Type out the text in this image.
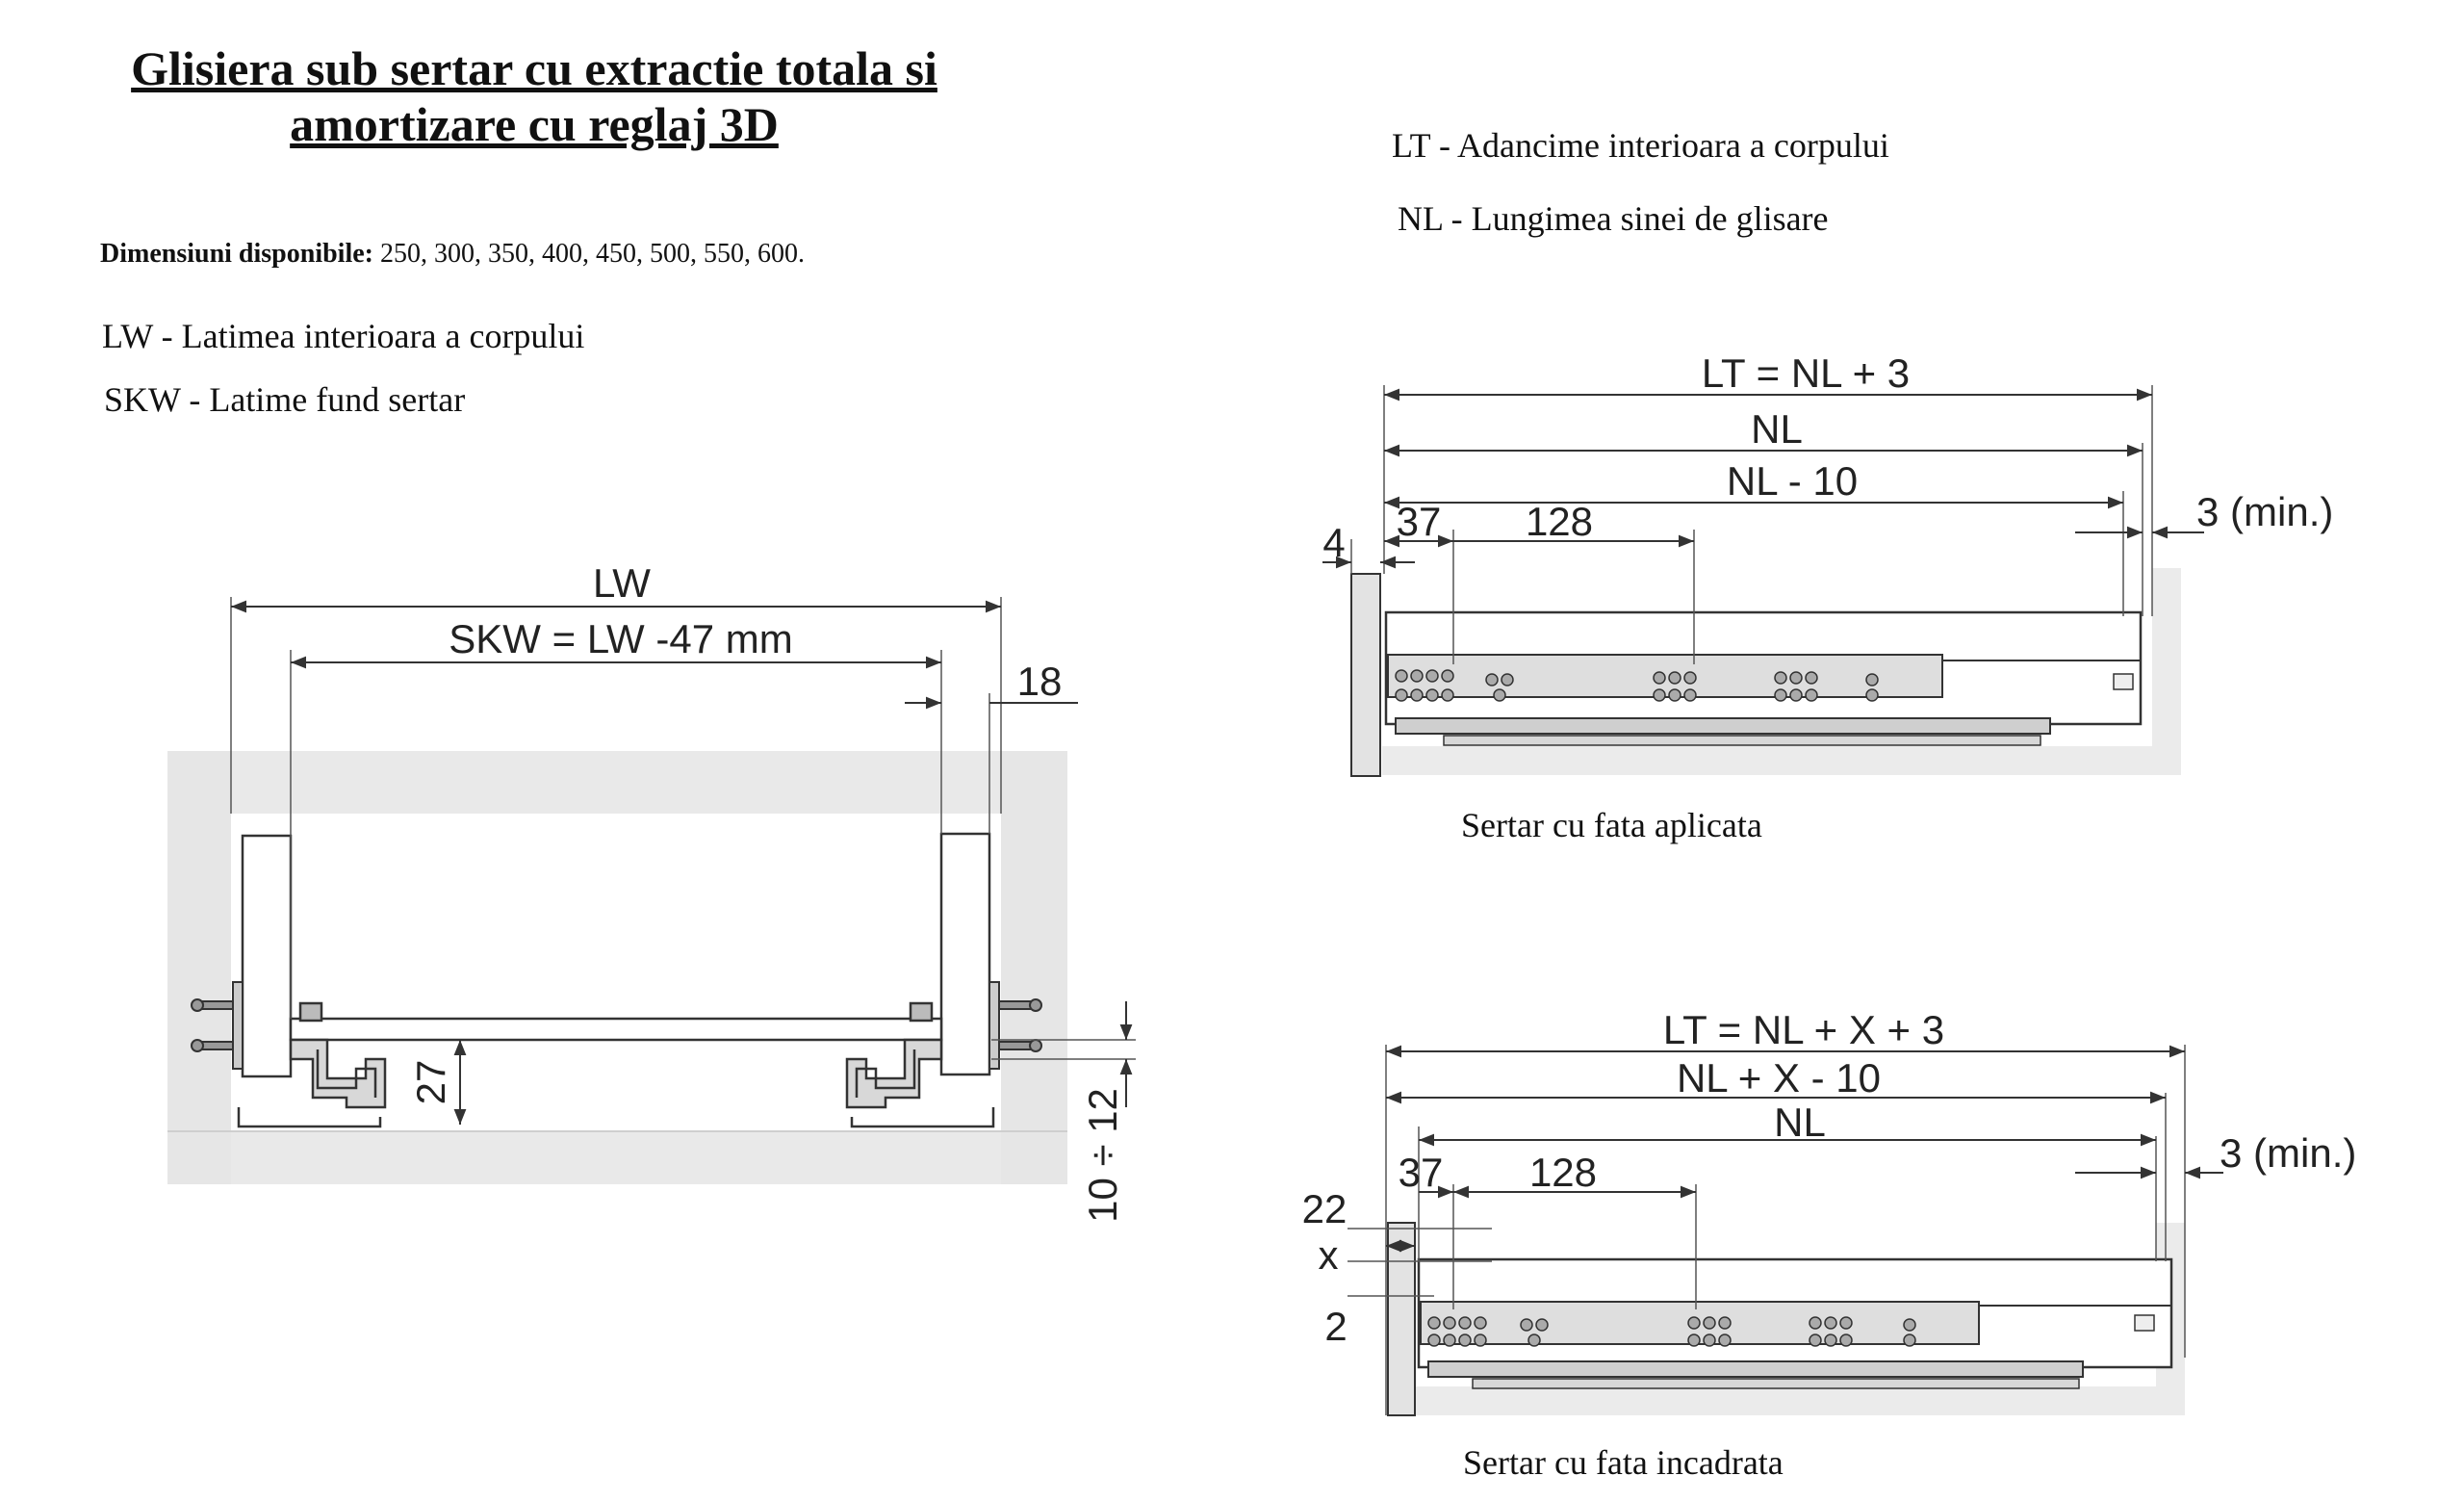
Glisiera sub sertar cu extractie totala si
amortizare cu reglaj 3D
Dimensiuni disponibile: 250, 300, 350, 400, 450, 500, 550, 600.
LW - Latimea interioara a corpului
SKW - Latime fund sertar
LT - Adancime interioara a corpului
NL - Lungimea sinei de glisare
Sertar cu fata aplicata
Sertar cu fata incadrata
LW
SKW = LW -47 mm
18
27
10 ÷ 12
LT = NL + 3
NL
NL - 10
4 37 128	3 (min.)
LT = NL + X + 3
NL + X - 10
NL
37 128
22
x
2
3 (min.)
